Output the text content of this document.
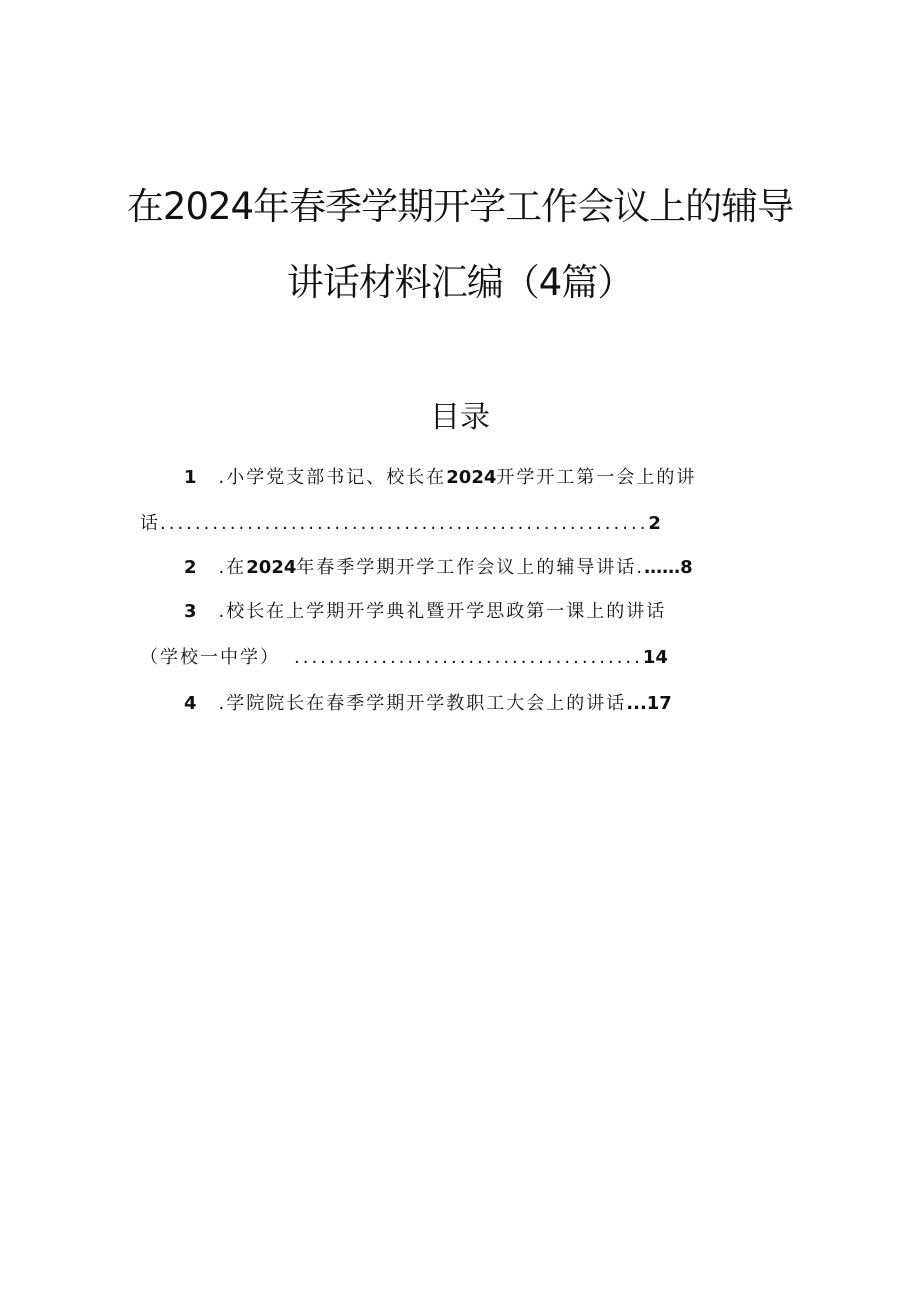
在2024年春季学期开学工作会议上的辅导
讲话材料汇编（4篇）
目录
1 .小学党支部书记、校长在2024开学开工第一会上的讲
话........................................................2
2 .在2024年春季学期开学工作会议上的辅导讲话.……8
3 .校长在上学期开学典礼暨开学思政第一课上的讲话
（学校一中学） ........................................14
4 .学院院长在春季学期开学教职工大会上的讲话...17
